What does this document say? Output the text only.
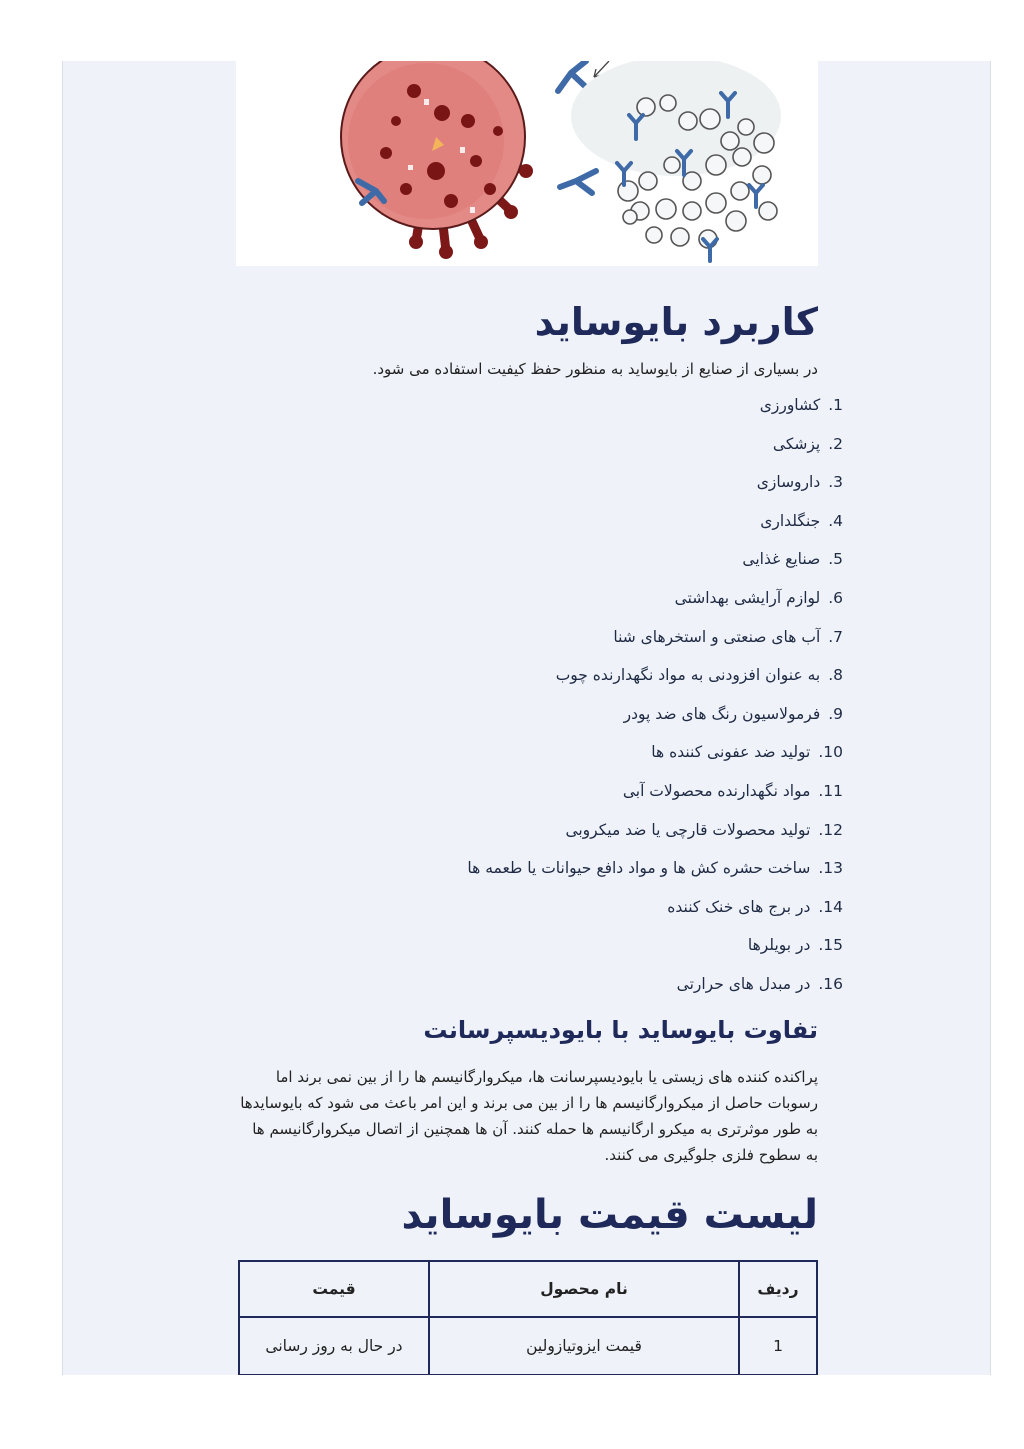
کاربرد بایوساید

در بسیاری از صنایع از بایوساید به منظور حفظ کیفیت استفاده می شود.

1. کشاورزی
2. پزشکی
3. داروسازی
4. جنگلداری
5. صنایع غذایی
6. لوازم آرایشی بهداشتی
7. آب های صنعتی و استخرهای شنا
8. به عنوان افزودنی به مواد نگهدارنده چوب
9. فرمولاسیون رنگ های ضد پودر
10. تولید ضد عفونی کننده ها
11. مواد نگهدارنده محصولات آبی
12. تولید محصولات قارچی یا ضد میکروبی
13. ساخت حشره کش ها و مواد دافع حیوانات یا طعمه ها
14. در برج های خنک کننده
15. در بویلرها
16. در مبدل های حرارتی
تفاوت بایوساید با بایودیسپرسانت

پراکنده کننده های زیستی یا بایودیسپرسانت ها، میکروارگانیسم ها را از بین نمی برند اما رسوبات حاصل از میکروارگانیسم ها را از بین می برند و این امر باعث می شود که بایوسایدها به طور موثرتری به میکرو ارگانیسم ها حمله کنند. آن ها همچنین از اتصال میکروارگانیسم ها به سطوح فلزی جلوگیری می کنند.

لیست قیمت بایوساید
ردیف	نام محصول	قیمت
1	قیمت ایزوتیازولین	در حال به روز رسانی
